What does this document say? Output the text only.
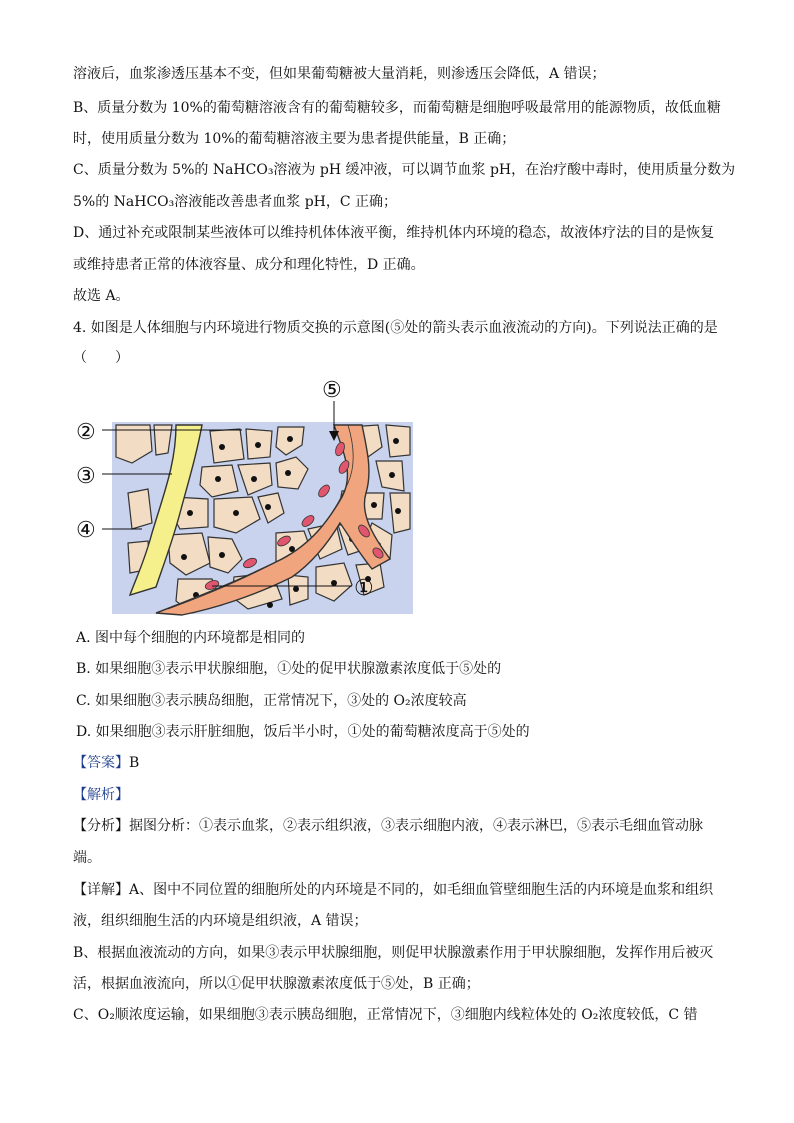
溶液后，血浆渗透压基本不变，但如果葡萄糖被大量消耗，则渗透压会降低，A 错误；
B、质量分数为 10%的葡萄糖溶液含有的葡萄糖较多，而葡萄糖是细胞呼吸最常用的能源物质，故低血糖
时，使用质量分数为 10%的葡萄糖溶液主要为患者提供能量，B 正确；
C、质量分数为 5%的 NaHCO₃溶液为 pH 缓冲液，可以调节血浆 pH，在治疗酸中毒时，使用质量分数为
5%的 NaHCO₃溶液能改善患者血浆 pH，C 正确；
D、通过补充或限制某些液体可以维持机体体液平衡，维持机体内环境的稳态，故液体疗法的目的是恢复
或维持患者正常的体液容量、成分和理化特性，D 正确。
故选 A。
4. 如图是人体细胞与内环境进行物质交换的示意图(⑤处的箭头表示血液流动的方向)。下列说法正确的是
（　　）
②
③
④
①
⑤
A. 图中每个细胞的内环境都是相同的
B. 如果细胞③表示甲状腺细胞，①处的促甲状腺激素浓度低于⑤处的
C. 如果细胞③表示胰岛细胞，正常情况下，③处的 O₂浓度较高
D. 如果细胞③表示肝脏细胞，饭后半小时，①处的葡萄糖浓度高于⑤处的
【答案】B
【解析】
【分析】据图分析：①表示血浆，②表示组织液，③表示细胞内液，④表示淋巴，⑤表示毛细血管动脉
端。
【详解】A、图中不同位置的细胞所处的内环境是不同的，如毛细血管壁细胞生活的内环境是血浆和组织
液，组织细胞生活的内环境是组织液，A 错误；
B、根据血液流动的方向，如果③表示甲状腺细胞，则促甲状腺激素作用于甲状腺细胞，发挥作用后被灭
活，根据血液流向，所以①促甲状腺激素浓度低于⑤处，B 正确；
C、O₂顺浓度运输，如果细胞③表示胰岛细胞，正常情况下，③细胞内线粒体处的 O₂浓度较低，C 错
